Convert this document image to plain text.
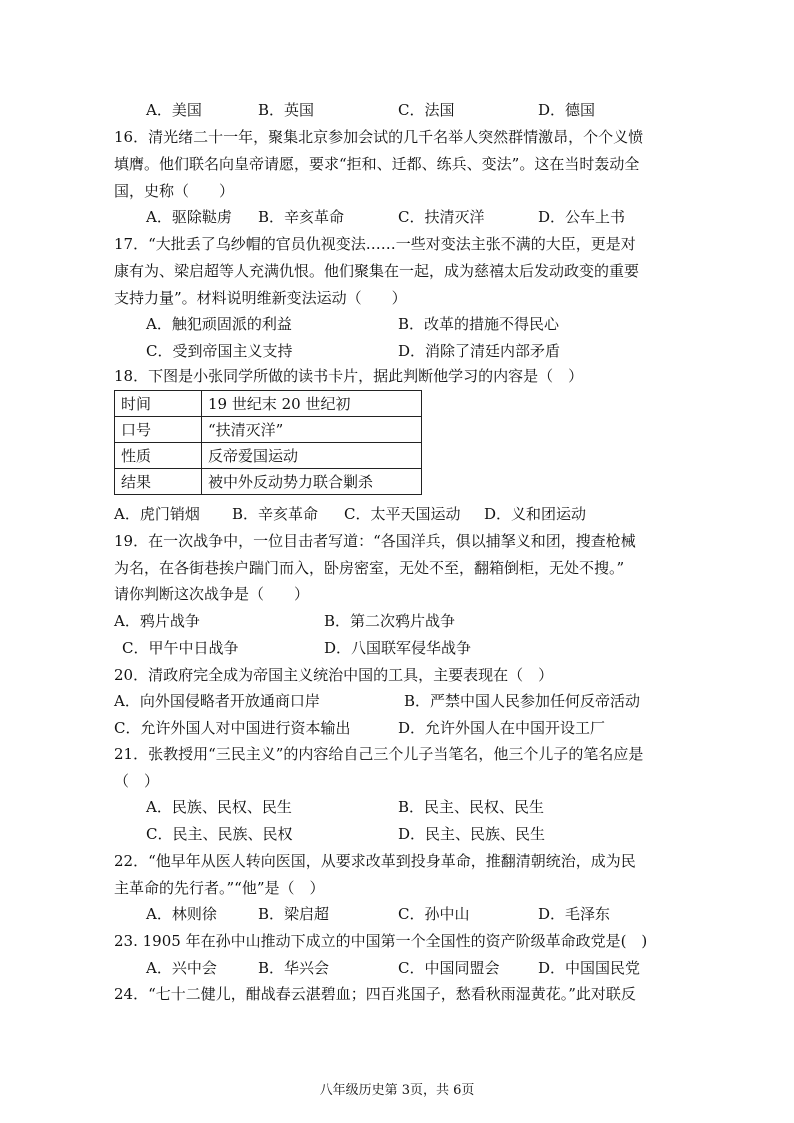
A．美国	B．英国	C．法国	D．德国
16．清光绪二十一年，聚集北京参加会试的几千名举人突然群情激昂，个个义愤
填膺。他们联名向皇帝请愿，要求“拒和、迁都、练兵、变法”。这在当时轰动全
国，史称（　　）
A．驱除鞑虏 B．辛亥革命	C．扶清灭洋	D．公车上书
17．“大批丢了乌纱帽的官员仇视变法……一些对变法主张不满的大臣，更是对
康有为、梁启超等人充满仇恨。他们聚集在一起，成为慈禧太后发动政变的重要
支持力量”。材料说明维新变法运动（　　）
A．触犯顽固派的利益	B．改革的措施不得民心
C．受到帝国主义支持	D．消除了清廷内部矛盾
18．下图是小张同学所做的读书卡片，据此判断他学习的内容是（　）
时间	19 世纪末 20 世纪初
口号	“扶清灭洋”
性质	反帝爱国运动
结果	被中外反动势力联合剿杀
A．虎门销烟 B．辛亥革命 C．太平天国运动 D．义和团运动
19．在一次战争中，一位目击者写道：“各国洋兵，俱以捕拏义和团，搜查枪械
为名，在各街巷挨户踹门而入，卧房密室，无处不至，翻箱倒柜，无处不搜。”
请你判断这次战争是（　　）
A．鸦片战争	B．第二次鸦片战争
C．甲午中日战争	D．八国联军侵华战争
20．清政府完全成为帝国主义统治中国的工具，主要表现在（　）
A．向外国侵略者开放通商口岸	B．严禁中国人民参加任何反帝活动
C．允许外国人对中国进行资本输出	D．允许外国人在中国开设工厂
21．张教授用“三民主义”的内容给自己三个儿子当笔名，他三个儿子的笔名应是
（　）
A．民族、民权、民生	B．民主、民权、民生
C．民主、民族、民权	D．民主、民族、民生
22．“他早年从医人转向医国，从要求改革到投身革命，推翻清朝统治，成为民
主革命的先行者。”“他”是（　）
A．林则徐	B．梁启超	C．孙中山	D．毛泽东
23. 1905 年在孙中山推动下成立的中国第一个全国性的资产阶级革命政党是(　)
A．兴中会	B．华兴会	C．中国同盟会	D．中国国民党
24．“七十二健儿，酣战春云湛碧血；四百兆国子，愁看秋雨湿黄花。”此对联反
八年级历史第 3页，共 6页
